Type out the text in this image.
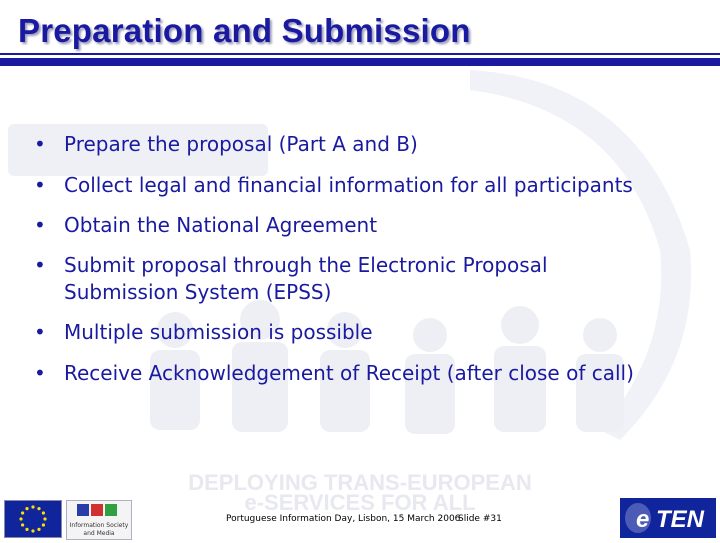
DEPLOYING TRANS-EUROPEAN
e-SERVICES FOR ALL
Preparation and Submission
• Prepare the proposal (Part A and B)
• Collect legal and financial information for all participants
• Obtain the National Agreement
• Submit proposal through the Electronic Proposal
Submission System (EPSS)
• Multiple submission is possible
• Receive Acknowledgement of Receipt (after close of call)
Information Society
and Media
Portuguese Information Day, Lisbon, 15 March 2006
Slide #31	e TEN
